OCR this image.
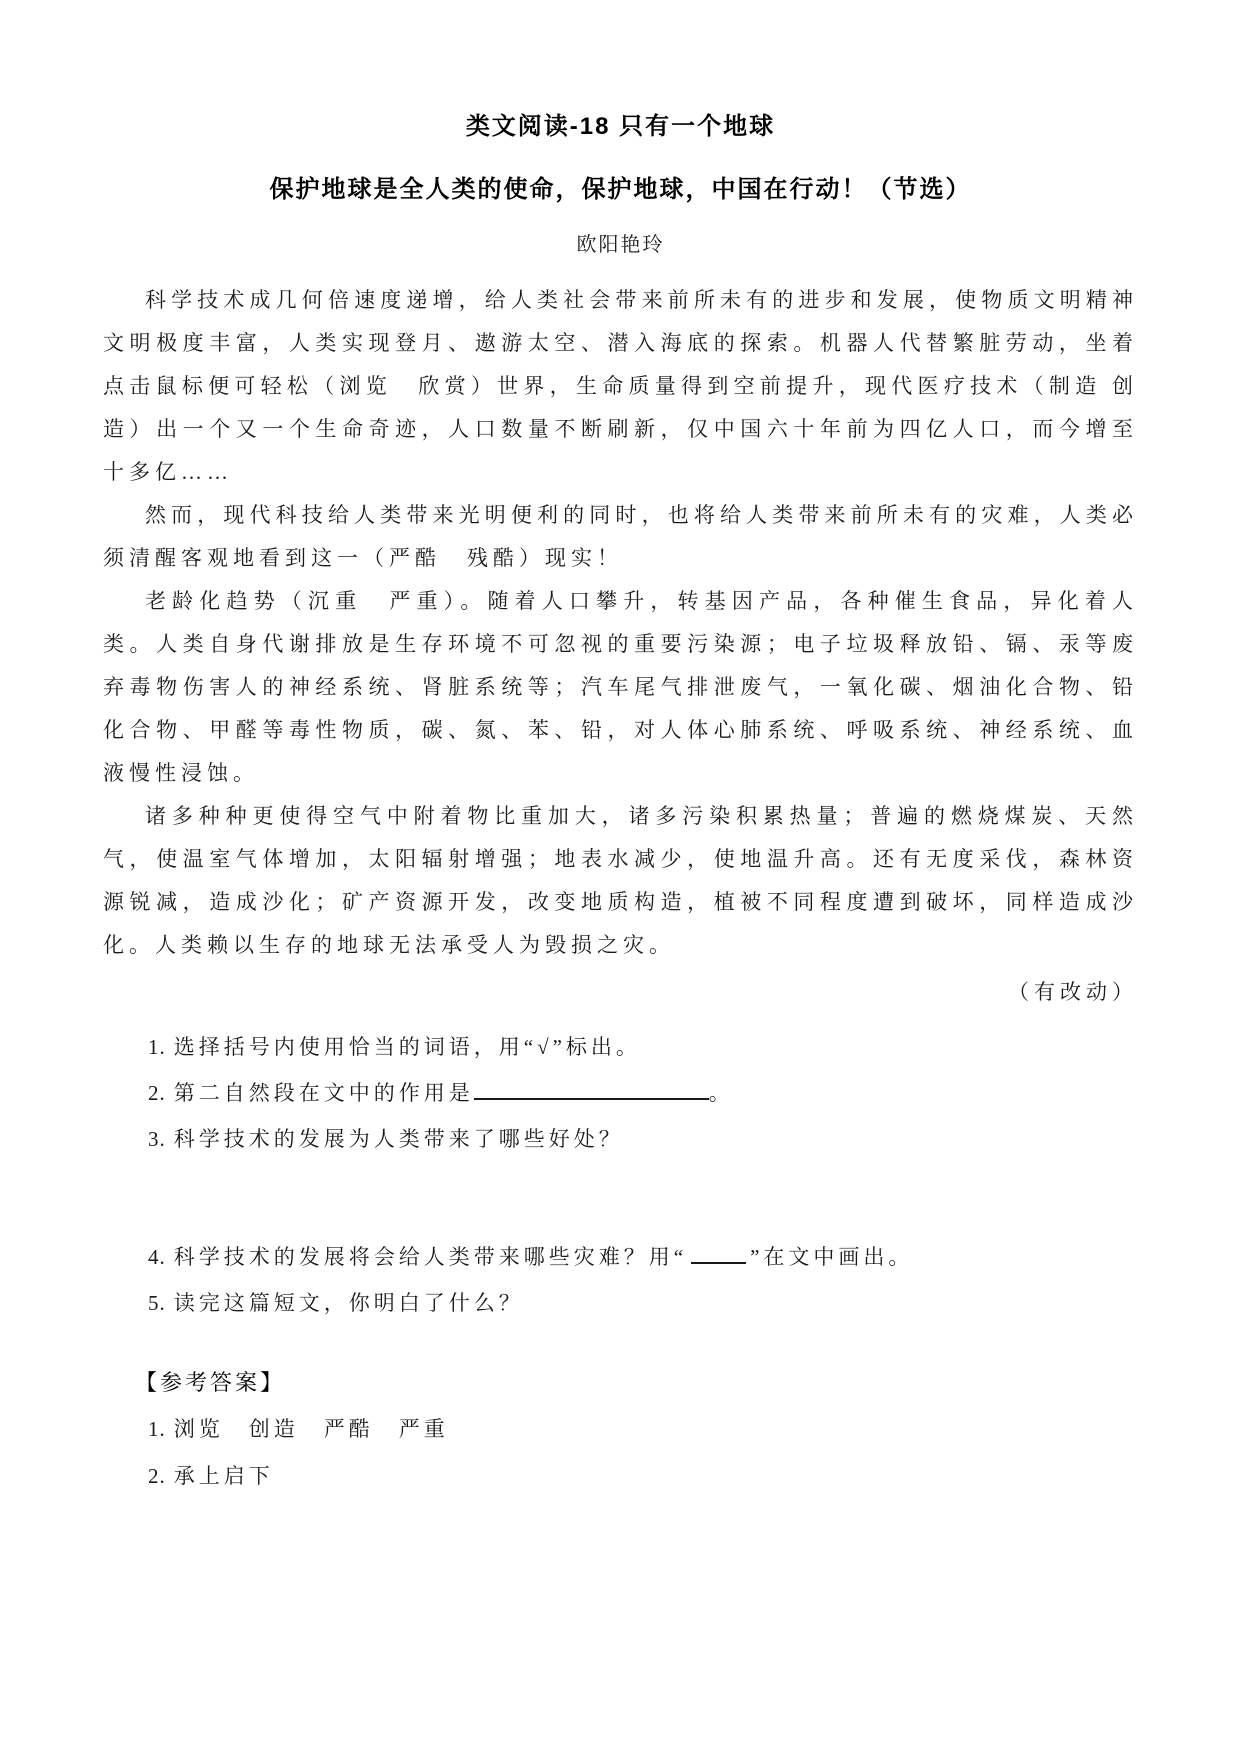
类文阅读-18 只有一个地球
保护地球是全人类的使命，保护地球，中国在行动！（节选）
欧阳艳玲

科学技术成几何倍速度递增，给人类社会带来前所未有的进步和发展，使物质文明精神文明极度丰富，人类实现登月、遨游太空、潜入海底的探索。机器人代替繁脏劳动，坐着点击鼠标便可轻松（浏览　欣赏）世界，生命质量得到空前提升，现代医疗技术（制造 创造）出一个又一个生命奇迹，人口数量不断刷新，仅中国六十年前为四亿人口，而今增至十多亿……

然而，现代科技给人类带来光明便利的同时，也将给人类带来前所未有的灾难，人类必须清醒客观地看到这一（严酷　残酷）现实！

老龄化趋势（沉重　严重）。随着人口攀升，转基因产品，各种催生食品，异化着人类。人类自身代谢排放是生存环境不可忽视的重要污染源；电子垃圾释放铅、镉、汞等废弃毒物伤害人的神经系统、肾脏系统等；汽车尾气排泄废气，一氧化碳、烟油化合物、铅化合物、甲醛等毒性物质，碳、氮、苯、铅，对人体心肺系统、呼吸系统、神经系统、血液慢性浸蚀。

诸多种种更使得空气中附着物比重加大，诸多污染积累热量；普遍的燃烧煤炭、天然气，使温室气体增加，太阳辐射增强；地表水减少，使地温升高。还有无度采伐，森林资源锐减，造成沙化；矿产资源开发，改变地质构造，植被不同程度遭到破坏，同样造成沙化。人类赖以生存的地球无法承受人为毁损之灾。

（有改动）
1. 选择括号内使用恰当的词语，用“√”标出。
2. 第二自然段在文中的作用是	。
3. 科学技术的发展为人类带来了哪些好处？
4. 科学技术的发展将会给人类带来哪些灾难？用“	”在文中画出。
5. 读完这篇短文，你明白了什么？
【参考答案】
1. 浏览　创造　严酷　严重
2. 承上启下
